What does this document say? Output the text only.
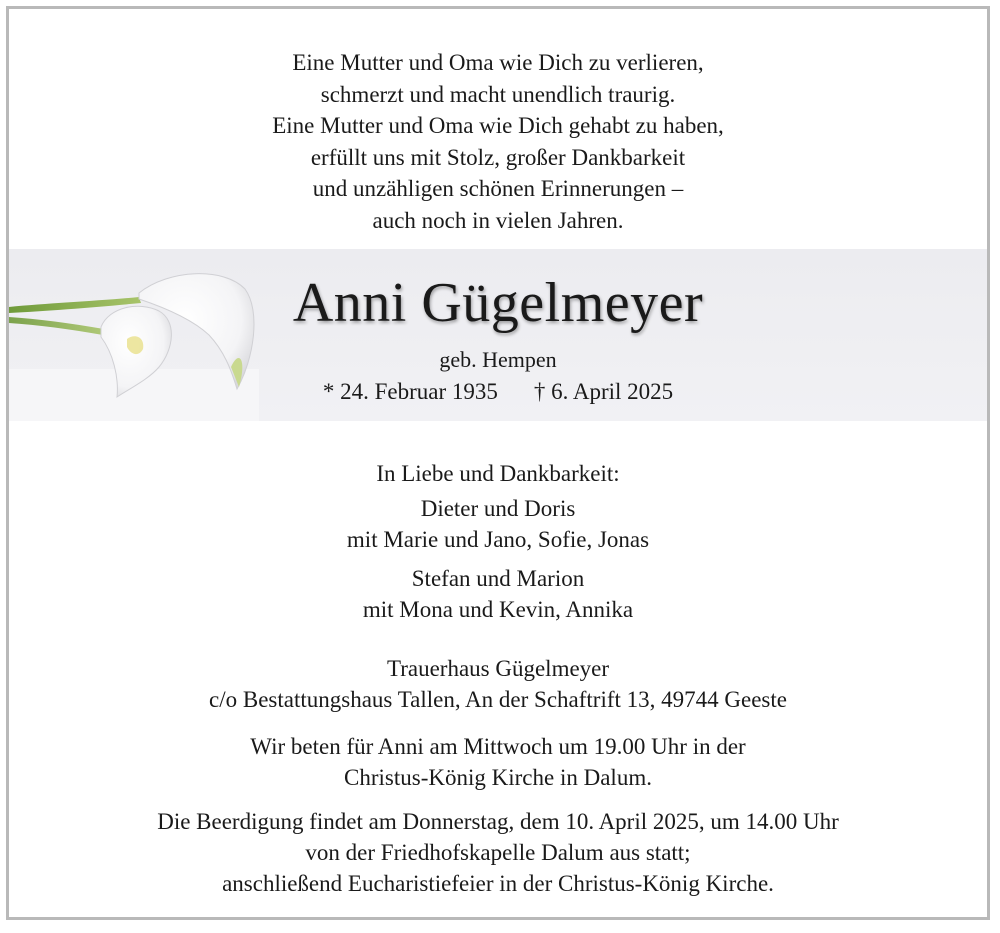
Eine Mutter und Oma wie Dich zu verlieren,
schmerzt und macht unendlich traurig.
Eine Mutter und Oma wie Dich gehabt zu haben,
erfüllt uns mit Stolz, großer Dankbarkeit
und unzähligen schönen Erinnerungen –
auch noch in vielen Jahren.
Anni Gügelmeyer
geb. Hempen
* 24. Februar 1935 † 6. April 2025
In Liebe und Dankbarkeit:
Dieter und Doris
mit Marie und Jano, Sofie, Jonas
Stefan und Marion
mit Mona und Kevin, Annika
Trauerhaus Gügelmeyer
c/o Bestattungshaus Tallen, An der Schaftrift 13, 49744 Geeste
Wir beten für Anni am Mittwoch um 19.00 Uhr in der
Christus-König Kirche in Dalum.
Die Beerdigung findet am Donnerstag, dem 10. April 2025, um 14.00 Uhr
von der Friedhofskapelle Dalum aus statt;
anschließend Eucharistiefeier in der Christus-König Kirche.
